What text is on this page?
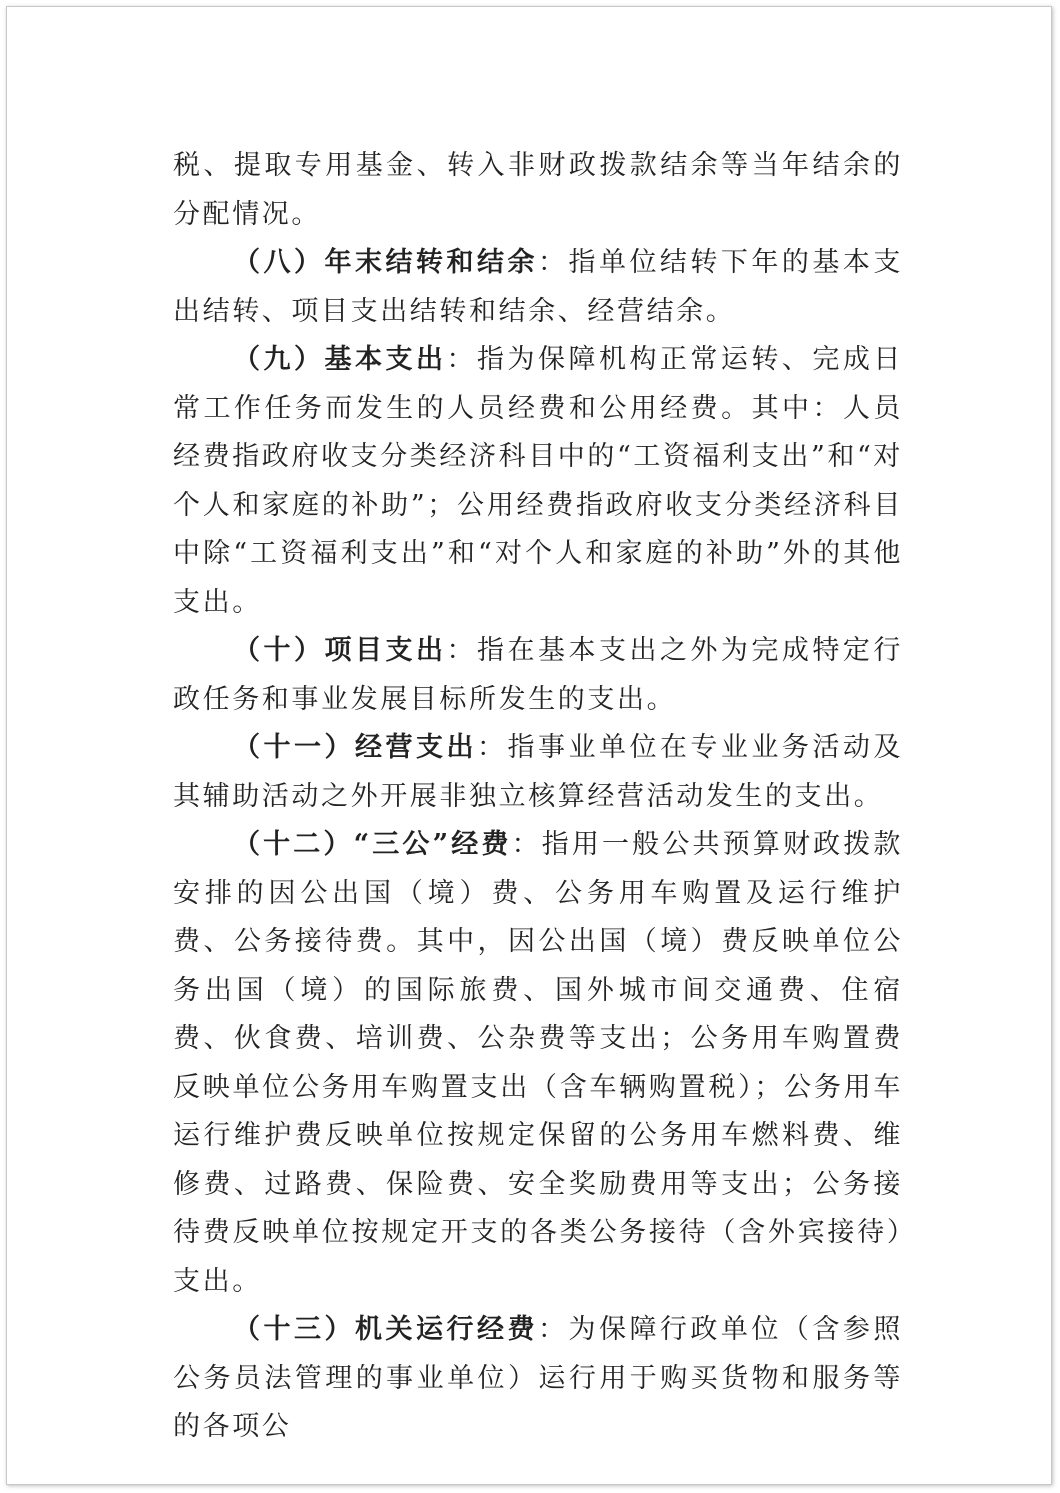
税、提取专用基金、转入非财政拨款结余等当年结余的分配情况。

（八）年末结转和结余：指单位结转下年的基本支出结转、项目支出结转和结余、经营结余。

（九）基本支出：指为保障机构正常运转、完成日常工作任务而发生的人员经费和公用经费。其中：人员经费指政府收支分类经济科目中的“工资福利支出”和“对个人和家庭的补助”；公用经费指政府收支分类经济科目中除“工资福利支出”和“对个人和家庭的补助”外的其他支出。

（十）项目支出：指在基本支出之外为完成特定行政任务和事业发展目标所发生的支出。

（十一）经营支出：指事业单位在专业业务活动及其辅助活动之外开展非独立核算经营活动发生的支出。

（十二）“三公”经费：指用一般公共预算财政拨款安排的因公出国（境）费、公务用车购置及运行维护费、公务接待费。其中，因公出国（境）费反映单位公务出国（境）的国际旅费、国外城市间交通费、住宿费、伙食费、培训费、公杂费等支出；公务用车购置费反映单位公务用车购置支出（含车辆购置税）；公务用车运行维护费反映单位按规定保留的公务用车燃料费、维修费、过路费、保险费、安全奖励费用等支出；公务接待费反映单位按规定开支的各类公务接待（含外宾接待）支出。

（十三）机关运行经费：为保障行政单位（含参照公务员法管理的事业单位）运行用于购买货物和服务等的各项公
